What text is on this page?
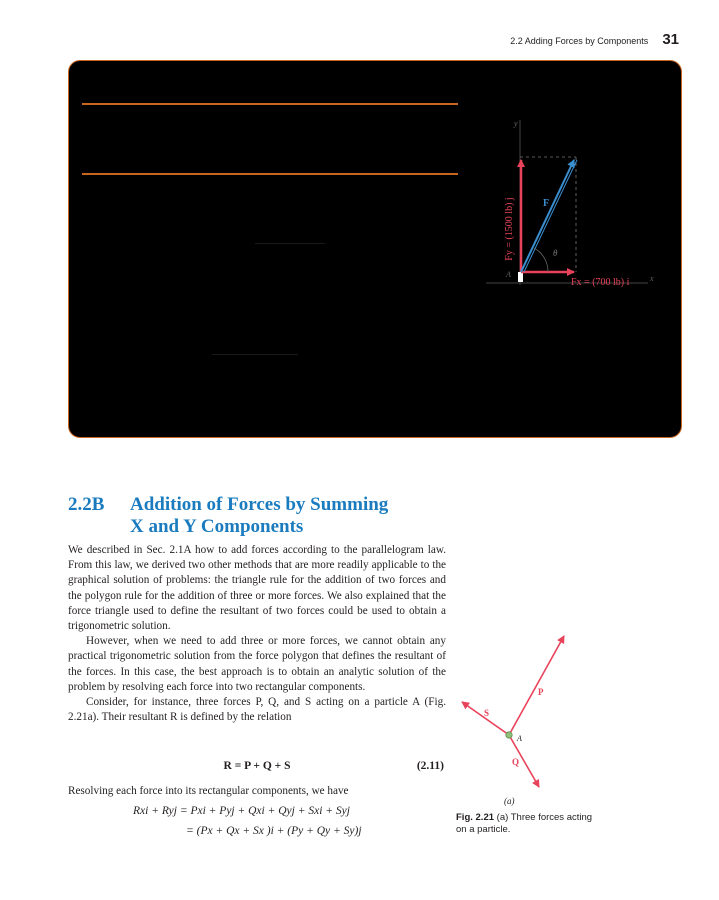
2.2 Adding Forces by Components 31
Fy = (1500 lb) j
Fx = (700 lb) i
F
θ
A	x
y
P
S
Q
A
2.2B Addition of Forces by Summing
X and Y Components

We described in Sec. 2.1A how to add forces according to the parallelogram law. From this law, we derived two other methods that are more readily applicable to the graphical solution of problems: the triangle rule for the addition of two forces and the polygon rule for the addition of three or more forces. We also explained that the force triangle used to define the resultant of two forces could be used to obtain a trigonometric solution.

However, when we need to add three or more forces, we cannot obtain any practical trigonometric solution from the force polygon that defines the resultant of the forces. In this case, the best approach is to obtain an analytic solution of the problem by resolving each force into two rectangular components.

Consider, for instance, three forces P, Q, and S acting on a particle A (Fig. 2.21a). Their resultant R is defined by the relation

R = P + Q + S	(2.11)

Resolving each force into its rectangular components, we have

Rxi + Ryj = Pxi + Pyj + Qxi + Qyj + Sxi + Syj
= (Px + Qx + Sx )i + (Py + Qy + Sy)j
(a)
Fig. 2.21 (a) Three forces acting on a particle.
